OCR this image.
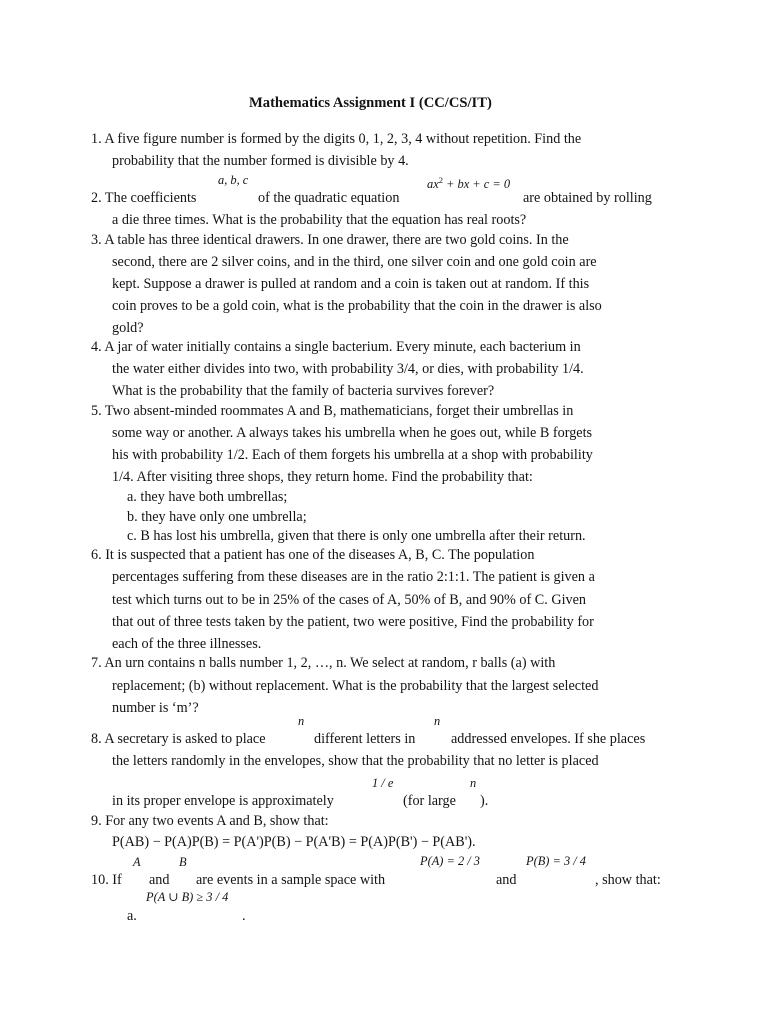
Mathematics Assignment I (CC/CS/IT)
1. A five figure number is formed by the digits 0, 1, 2, 3, 4 without repetition. Find the
probability that the number formed is divisible by 4.
a, b, c	$ax^2$ + bx + c = 0
2. The coefficients	of the quadratic equation	are obtained by rolling
a die three times. What is the probability that the equation has real roots?
3. A table has three identical drawers. In one drawer, there are two gold coins. In the
second, there are 2 silver coins, and in the third, one silver coin and one gold coin are
kept. Suppose a drawer is pulled at random and a coin is taken out at random. If this
coin proves to be a gold coin, what is the probability that the coin in the drawer is also
gold?
4. A jar of water initially contains a single bacterium. Every minute, each bacterium in
the water either divides into two, with probability 3/4, or dies, with probability 1/4.
What is the probability that the family of bacteria survives forever?
5. Two absent-minded roommates A and B, mathematicians, forget their umbrellas in
some way or another. A always takes his umbrella when he goes out, while B forgets
his with probability 1/2. Each of them forgets his umbrella at a shop with probability
1/4. After visiting three shops, they return home. Find the probability that:
a. they have both umbrellas;
b. they have only one umbrella;
c. B has lost his umbrella, given that there is only one umbrella after their return.
6. It is suspected that a patient has one of the diseases A, B, C. The population
percentages suffering from these diseases are in the ratio 2:1:1. The patient is given a
test which turns out to be in 25% of the cases of A, 50% of B, and 90% of C. Given
that out of three tests taken by the patient, two were positive, Find the probability for
each of the three illnesses.
7. An urn contains n balls number 1, 2, …, n. We select at random, r balls (a) with
replacement; (b) without replacement. What is the probability that the largest selected
number is ‘m’?
n	n
8. A secretary is asked to place	different letters in	addressed envelopes. If she places
the letters randomly in the envelopes, show that the probability that no letter is placed
1 / e	n
in its proper envelope is approximately	(for large ).
9. For any two events A and B, show that:
P(AB) − P(A)P(B) = P(A')P(B) − P(A'B) = P(A)P(B') − P(AB').
A	B	P(A) = 2 / 3	P(B) = 3 / 4
10. If and are events in a sample space with	and	, show that:
P(A ∪ B) ≥ 3 / 4
a.	.
